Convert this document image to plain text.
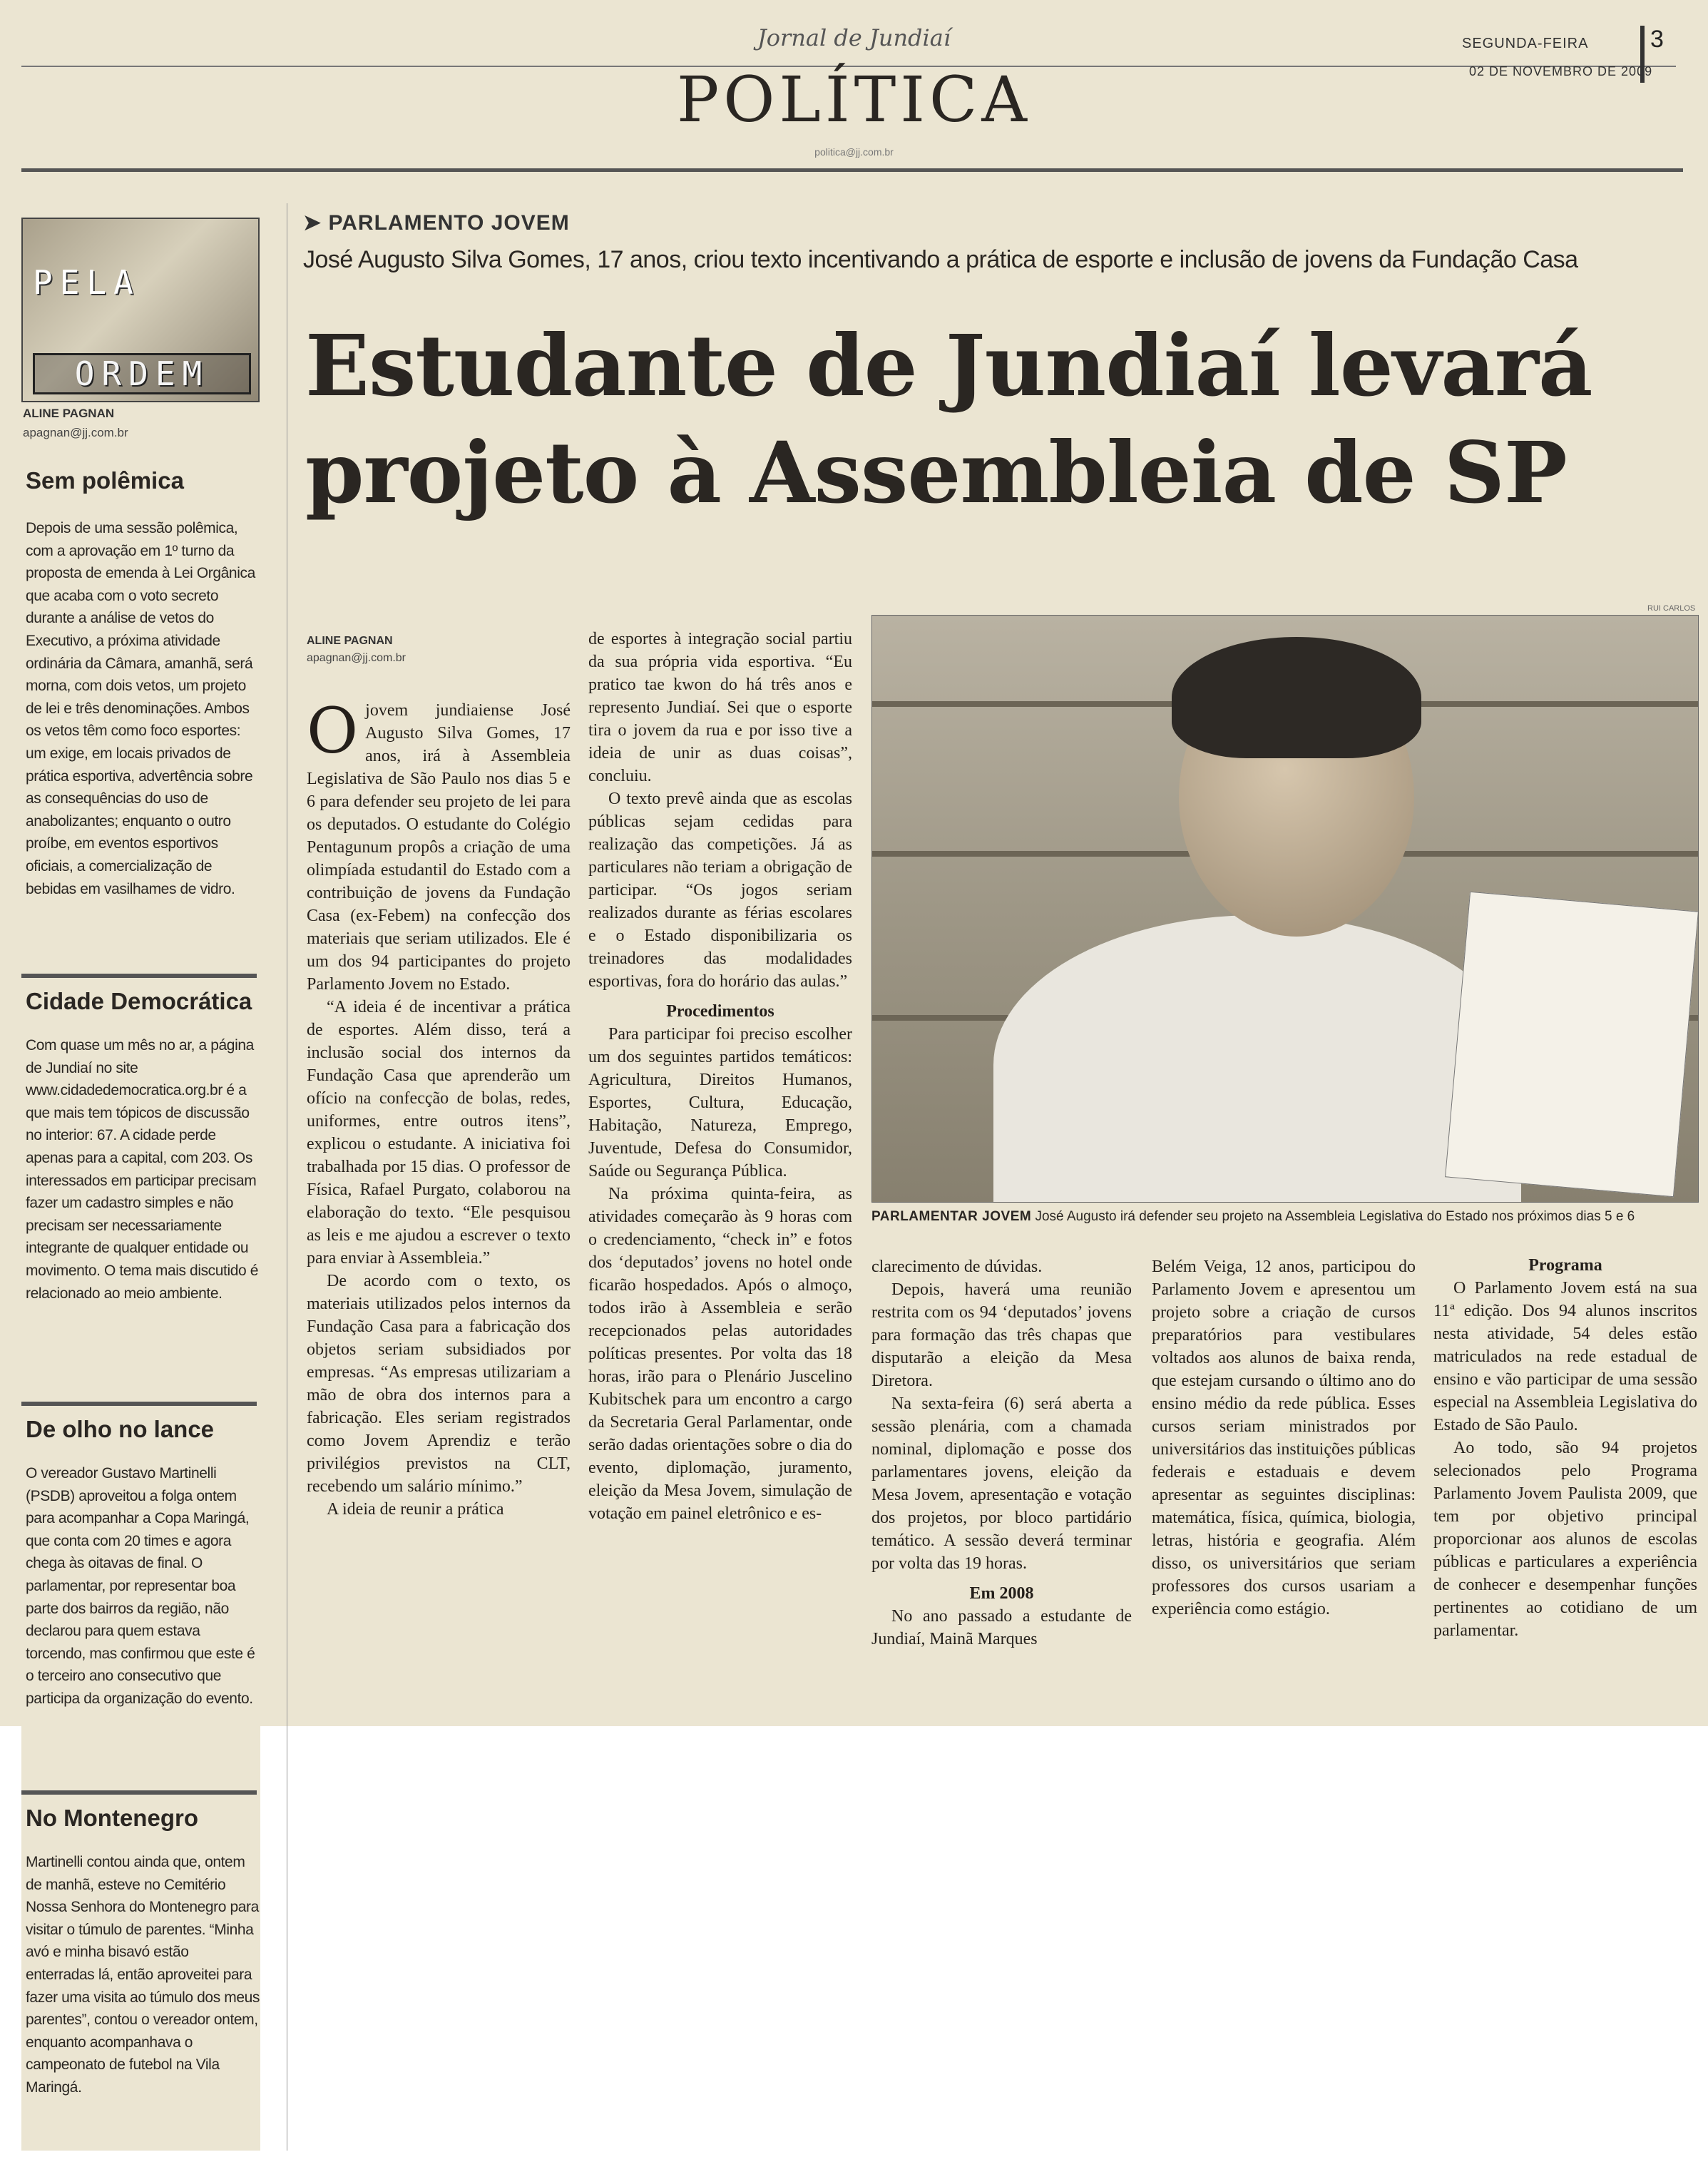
Jornal de Jundiaí	SEGUNDA-FEIRA	3
02 DE NOVEMBRO DE 2009
POLÍTICA
politica@jj.com.br
➤ PARLAMENTO JOVEM
José Augusto Silva Gomes, 17 anos, criou texto incentivando a prática de esporte e inclusão de jovens da Fundação Casa
Estudante de Jundiaí levará
projeto à Assembleia de SP
ALINE PAGNAN
apagnan@jj.com.br

Ojovem jundiaiense José Augusto Silva Gomes, 17 anos, irá à Assembleia Legislativa de São Paulo nos dias 5 e 6 para defender seu projeto de lei para os deputados. O estudante do Colégio Pentagunum propôs a criação de uma olimpíada estudantil do Estado com a contribuição de jovens da Fundação Casa (ex-Febem) na confecção dos materiais que seriam utilizados. Ele é um dos 94 participantes do projeto Parlamento Jovem no Estado.

“A ideia é de incentivar a prática de esportes. Além disso, terá a inclusão social dos internos da Fundação Casa que aprenderão um ofício na confecção de bolas, redes, uniformes, entre outros itens”, explicou o estudante. A iniciativa foi trabalhada por 15 dias. O professor de Física, Rafael Purgato, colaborou na elaboração do texto. “Ele pesquisou as leis e me ajudou a escrever o texto para enviar à Assembleia.”

De acordo com o texto, os materiais utilizados pelos internos da Fundação Casa para a fabricação dos objetos seriam subsidiados por empresas. “As empresas utilizariam a mão de obra dos internos para a fabricação. Eles seriam registrados como Jovem Aprendiz e terão privilégios previstos na CLT, recebendo um salário mínimo.”

A ideia de reunir a prática

de esportes à integração social partiu da sua própria vida esportiva. “Eu pratico tae kwon do há três anos e represento Jundiaí. Sei que o esporte tira o jovem da rua e por isso tive a ideia de unir as duas coisas”, concluiu.

O texto prevê ainda que as escolas públicas sejam cedidas para realização das competições. Já as particulares não teriam a obrigação de participar. “Os jogos seriam realizados durante as férias escolares e o Estado disponibilizaria os treinadores das modalidades esportivas, fora do horário das aulas.”

Procedimentos

Para participar foi preciso escolher um dos seguintes partidos temáticos: Agricultura, Direitos Humanos, Esportes, Cultura, Educação, Habitação, Natureza, Emprego, Juventude, Defesa do Consumidor, Saúde ou Segurança Pública.

Na próxima quinta-feira, as atividades começarão às 9 horas com o credenciamento, “check in” e fotos dos ‘deputados’ jovens no hotel onde ficarão hospedados. Após o almoço, todos irão à Assembleia e serão recepcionados pelas autoridades políticas presentes. Por volta das 18 horas, irão para o Plenário Juscelino Kubitschek para um encontro a cargo da Secretaria Geral Parlamentar, onde serão dadas orientações sobre o dia do evento, diplomação, juramento, eleição da Mesa Jovem, simulação de votação em painel eletrônico e es-

RUI CARLOS
PARLAMENTAR JOVEM José Augusto irá defender seu projeto na Assembleia Legislativa do Estado nos próximos dias 5 e 6

clarecimento de dúvidas.

Depois, haverá uma reunião restrita com os 94 ‘deputados’ jovens para formação das três chapas que disputarão a eleição da Mesa Diretora.

Na sexta-feira (6) será aberta a sessão plenária, com a chamada nominal, diplomação e posse dos parlamentares jovens, eleição da Mesa Jovem, apresentação e votação dos projetos, por bloco partidário temático. A sessão deverá terminar por volta das 19 horas.

Em 2008

No ano passado a estudante de Jundiaí, Mainã Marques

Belém Veiga, 12 anos, participou do Parlamento Jovem e apresentou um projeto sobre a criação de cursos preparatórios para vestibulares voltados aos alunos de baixa renda, que estejam cursando o último ano do ensino médio da rede pública. Esses cursos seriam ministrados por universitários das instituições públicas federais e estaduais e devem apresentar as seguintes disciplinas: matemática, física, química, biologia, letras, história e geografia. Além disso, os universitários que seriam professores dos cursos usariam a experiência como estágio.

Programa

O Parlamento Jovem está na sua 11ª edição. Dos 94 alunos inscritos nesta atividade, 54 deles estão matriculados na rede estadual de ensino e vão participar de uma sessão especial na Assembleia Legislativa do Estado de São Paulo.

Ao todo, são 94 projetos selecionados pelo Programa Parlamento Jovem Paulista 2009, que tem por objetivo principal proporcionar aos alunos de escolas públicas e particulares a experiência de conhecer e desempenhar funções pertinentes ao cotidiano de um parlamentar.

PELA
ORDEM
ALINE PAGNAN
apagnan@jj.com.br
Sem polêmica
Depois de uma sessão polêmica, com a aprovação em 1º turno da proposta de emenda à Lei Orgânica que acaba com o voto secreto durante a análise de vetos do Executivo, a próxima atividade ordinária da Câmara, amanhã, será morna, com dois vetos, um projeto de lei e três denominações. Ambos os vetos têm como foco esportes: um exige, em locais privados de prática esportiva, advertência sobre as consequências do uso de anabolizantes; enquanto o outro proíbe, em eventos esportivos oficiais, a comercialização de bebidas em vasilhames de vidro.
Cidade Democrática
Com quase um mês no ar, a página de Jundiaí no site www.cidadedemocratica.org.br é a que mais tem tópicos de discussão no interior: 67. A cidade perde apenas para a capital, com 203. Os interessados em participar precisam fazer um cadastro simples e não precisam ser necessariamente integrante de qualquer entidade ou movimento. O tema mais discutido é relacionado ao meio ambiente.
De olho no lance
O vereador Gustavo Martinelli (PSDB) aproveitou a folga ontem para acompanhar a Copa Maringá, que conta com 20 times e agora chega às oitavas de final. O parlamentar, por representar boa parte dos bairros da região, não declarou para quem estava torcendo, mas confirmou que este é o terceiro ano consecutivo que participa da organização do evento.
No Montenegro
Martinelli contou ainda que, ontem de manhã, esteve no Cemitério Nossa Senhora do Montenegro para visitar o túmulo de parentes. “Minha avó e minha bisavó estão enterradas lá, então aproveitei para fazer uma visita ao túmulo dos meus parentes”, contou o vereador ontem, enquanto acompanhava o campeonato de futebol na Vila Maringá.
